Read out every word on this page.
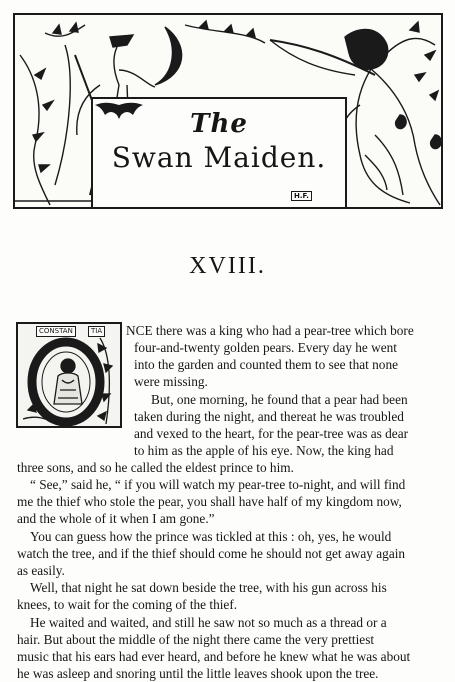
The
Swan Maiden.
H.F.
XVIII.
CONSTAN	TIA NCE there was a king who had a pear-tree which bore
four-and-twenty golden pears. Every day he went
into the garden and counted them to see that none
were missing.
But, one morning, he found that a pear had been
taken during the night, and thereat he was troubled
and vexed to the heart, for the pear-tree was as dear
to him as the apple of his eye. Now, the king had
three sons, and so he called the eldest prince to him.
“ See,” said he, “ if you will watch my pear-tree to-night, and will find
me the thief who stole the pear, you shall have half of my kingdom now,
and the whole of it when I am gone.”
You can guess how the prince was tickled at this : oh, yes, he would
watch the tree, and if the thief should come he should not get away again
as easily.
Well, that night he sat down beside the tree, with his gun across his
knees, to wait for the coming of the thief.
He waited and waited, and still he saw not so much as a thread or a
hair. But about the middle of the night there came the very prettiest
music that his ears had ever heard, and before he knew what he was about
he was asleep and snoring until the little leaves shook upon the tree.
